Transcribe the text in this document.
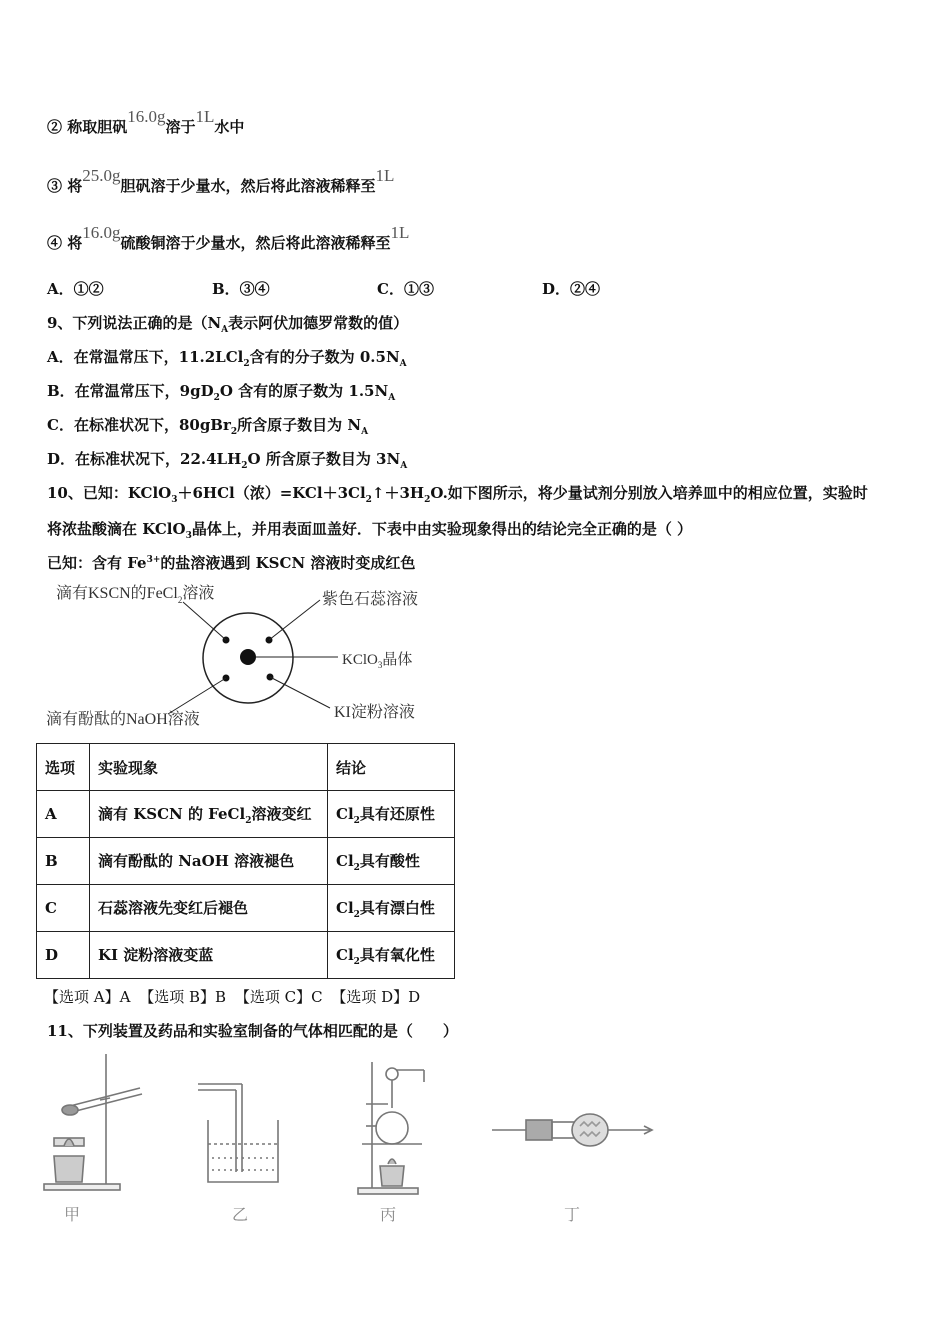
② 称取胆矾16.0g溶于1L水中
③ 将25.0g胆矾溶于少量水，然后将此溶液稀释至1L
④ 将16.0g硫酸铜溶于少量水，然后将此溶液稀释至1L
A．①②	B．③④	C．①③	D．②④
9、下列说法正确的是（$N_A$表示阿伏加德罗常数的值）
A．在常温常压下，11.2LCl$_2$含有的分子数为 $0.5N_A$
B．在常温常压下，$9gD_2O$ 含有的原子数为 $1.5N_A$
C．在标准状况下，80gBr$_2$所含原子数目为 $N_A$
D．在标准状况下，$22.4LH_2O$ 所含原子数目为 $3N_A$
10、已知：KClO$_3$＋6HCl（浓）$=KCl+3Cl_2↑+3H_2O$.如下图所示，将少量试剂分别放入培养皿中的相应位置，实验时
将浓盐酸滴在 KClO$_3$晶体上，并用表面皿盖好．下表中由实验现象得出的结论完全正确的是（ ）
已知：含有 $Fe^{3+}$的盐溶液遇到 KSCN 溶液时变成红色
滴有KSCN的FeCl$_2$溶液	紫色石蕊溶液
KClO$_3$晶体
滴有酚酞的NaOH溶液	KI淀粉溶液
选项	实验现象	结论
A	滴有 KSCN 的 FeCl$_2$溶液变红	$Cl_2$具有还原性
B	滴有酚酞的 NaOH 溶液褪色	$Cl_2$具有酸性
C	石蕊溶液先变红后褪色	$Cl_2$具有漂白性
D	KI 淀粉溶液变蓝	$Cl_2$具有氧化性
【选项 A】A 【选项 B】B 【选项 C】C 【选项 D】D
11、下列装置及药品和实验室制备的气体相匹配的是（　　）
甲	乙	丙	丁
